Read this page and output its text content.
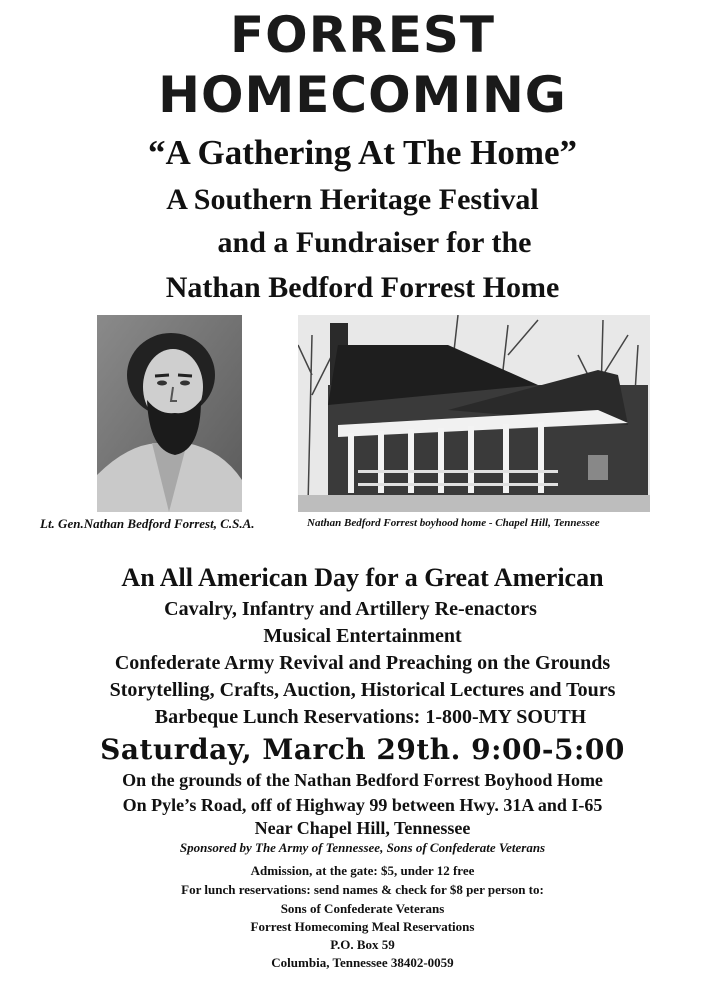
FORREST
HOMECOMING
“A Gathering At The Home”
A Southern Heritage Festival
and a Fundraiser for the
Nathan Bedford Forrest Home
Lt. Gen.Nathan Bedford Forrest, C.S.A.	Nathan Bedford Forrest boyhood home - Chapel Hill, Tennessee
An All American Day for a Great American
Cavalry, Infantry and Artillery Re-enactors
Musical Entertainment
Confederate Army Revival and Preaching on the Grounds
Storytelling, Crafts, Auction, Historical Lectures and Tours
Barbeque Lunch Reservations: 1-800-MY SOUTH
Saturday, March 29th. 9:00-5:00
On the grounds of the Nathan Bedford Forrest Boyhood Home
On Pyle’s Road, off of Highway 99 between Hwy. 31A and I-65
Near Chapel Hill, Tennessee
Sponsored by The Army of Tennessee, Sons of Confederate Veterans
Admission, at the gate: $5, under 12 free
For lunch reservations: send names & check for $8 per person to:
Sons of Confederate Veterans
Forrest Homecoming Meal Reservations
P.O. Box 59
Columbia, Tennessee 38402-0059
